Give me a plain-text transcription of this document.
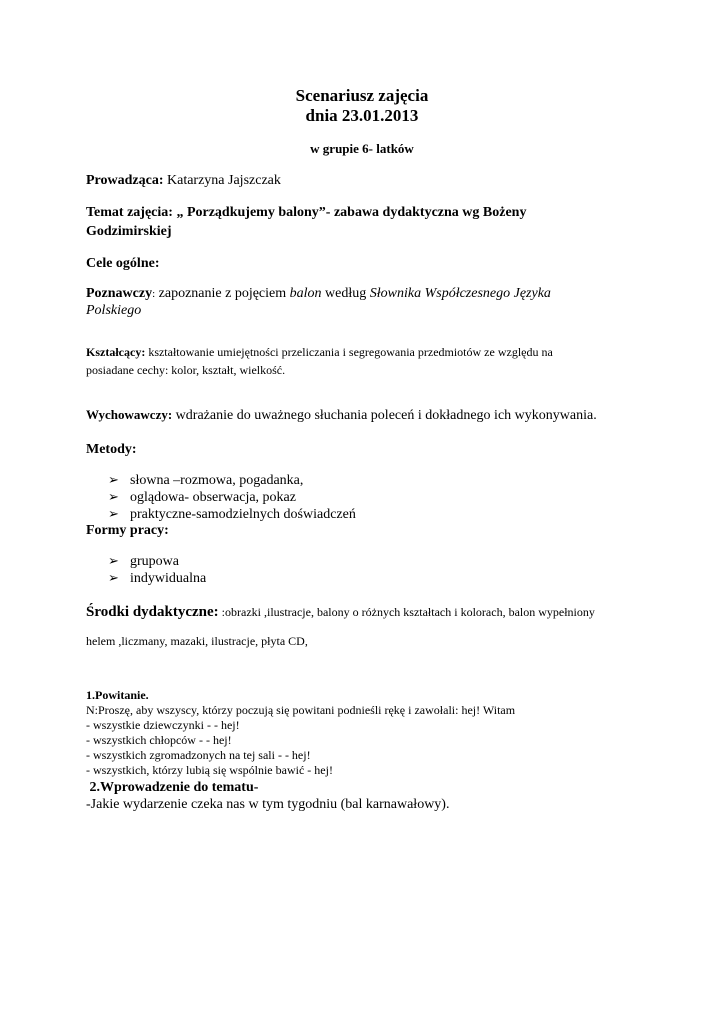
Scenariusz zajęcia
dnia 23.01.2013
w grupie 6- latków
Prowadząca: Katarzyna Jajszczak
Temat zajęcia: „ Porządkujemy balony”- zabawa dydaktyczna wg Bożeny
Godzimirskiej
Cele ogólne:
Poznawczy: zapoznanie z pojęciem balon według Słownika Współczesnego Języka
Polskiego
Kształcący: kształtowanie umiejętności przeliczania i segregowania przedmiotów ze względu na
posiadane cechy: kolor, kształt, wielkość.
Wychowawczy: wdrażanie do uważnego słuchania poleceń i dokładnego ich wykonywania.
Metody:
➢ słowna –rozmowa, pogadanka,
➢ oglądowa- obserwacja, pokaz
➢ praktyczne-samodzielnych doświadczeń
Formy pracy:
➢ grupowa
➢ indywidualna
Środki dydaktyczne: :obrazki ,ilustracje, balony o różnych kształtach i kolorach, balon wypełniony
helem ,liczmany, mazaki, ilustracje, płyta CD,
1.Powitanie.
N:Proszę, aby wszyscy, którzy poczują się powitani podnieśli rękę i zawołali: hej! Witam
- wszystkie dziewczynki - - hej!
- wszystkich chłopców - - hej!
- wszystkich zgromadzonych na tej sali - - hej!
- wszystkich, którzy lubią się wspólnie bawić - hej!
2.Wprowadzenie do tematu-
-Jakie wydarzenie czeka nas w tym tygodniu (bal karnawałowy).
